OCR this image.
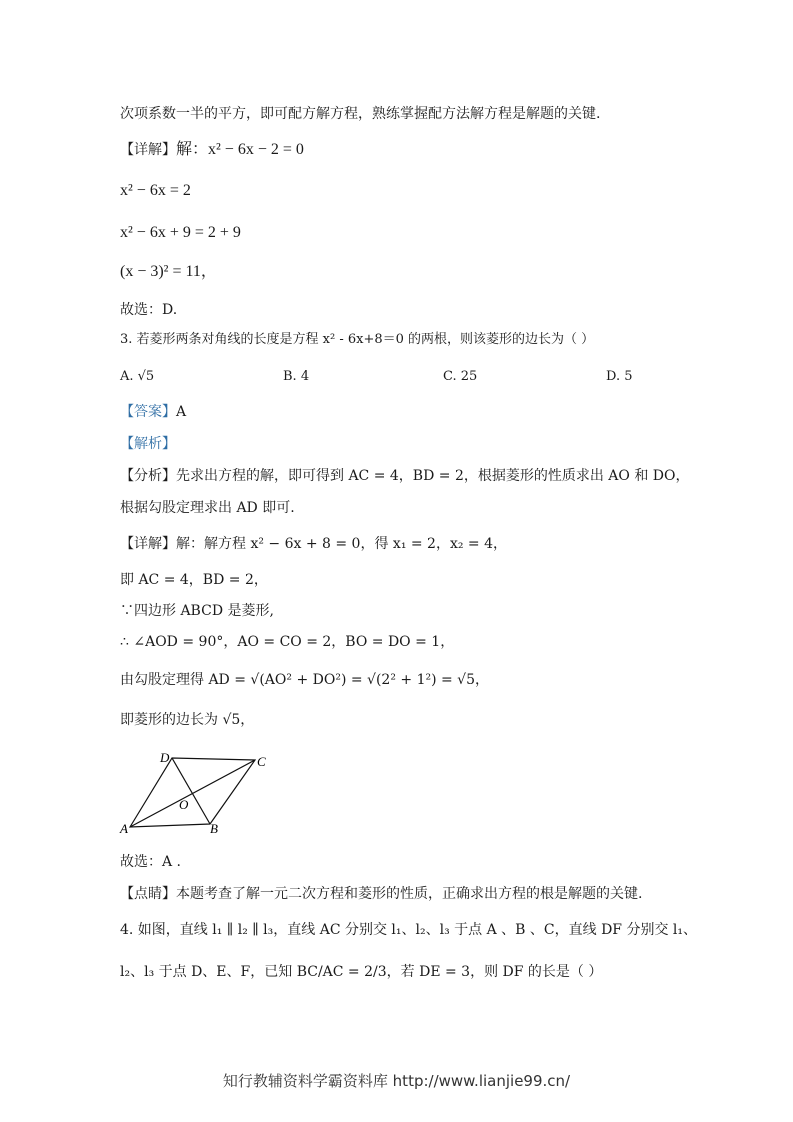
次项系数一半的平方，即可配方解方程，熟练掌握配方法解方程是解题的关键.
【详解】解：x² − 6x − 2 = 0
x² − 6x = 2
x² − 6x + 9 = 2 + 9
(x − 3)² = 11，
故选：D.
3. 若菱形两条对角线的长度是方程 x² - 6x+8＝0 的两根，则该菱形的边长为（ ）
A. √5	B. 4	C. 25	D. 5
【答案】A
【解析】
【分析】先求出方程的解，即可得到 AC = 4，BD = 2，根据菱形的性质求出 AO 和 DO，
根据勾股定理求出 AD 即可.
【详解】解：解方程 x² − 6x + 8 = 0，得 x₁ = 2，x₂ = 4，
即 AC = 4，BD = 2，
∵四边形 ABCD 是菱形,
∴ ∠AOD = 90°，AO = CO = 2，BO = DO = 1，
由勾股定理得 AD = √(AO² + DO²) = √(2² + 1²) = √5，
即菱形的边长为 √5，
D	C
O
A	B
故选：A .
【点睛】本题考查了解一元二次方程和菱形的性质，正确求出方程的根是解题的关键.
4. 如图，直线 l₁ ∥ l₂ ∥ l₃，直线 AC 分别交 l₁、l₂、l₃ 于点 A 、B 、C，直线 DF 分别交 l₁、
l₂、l₃ 于点 D、E、F，已知 BC/AC = 2/3，若 DE = 3，则 DF 的长是（ ）
知行教辅资料学霸资料库 http://www.lianjie99.cn/
